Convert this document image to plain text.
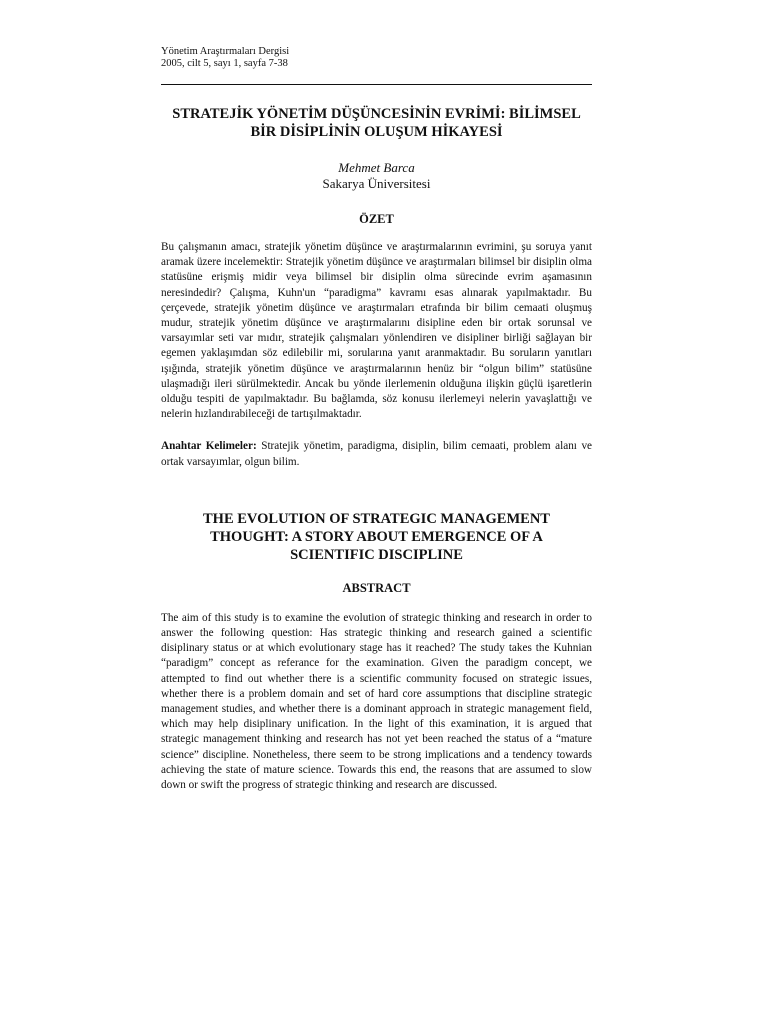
Yönetim Araştırmaları Dergisi
2005, cilt 5, sayı 1, sayfa 7-38
STRATEJİK YÖNETİM DÜŞÜNCESİNİN EVRİMİ: BİLİMSEL
BİR DİSİPLİNİN OLUŞUM HİKAYESİ
Mehmet Barca
Sakarya Üniversitesi
ÖZET
Bu çalışmanın amacı, stratejik yönetim düşünce ve araştırmalarının evrimini, şu soruya yanıt aramak üzere incelemektir: Stratejik yönetim düşünce ve araştırmaları bilimsel bir disiplin olma statüsüne erişmiş midir veya bilimsel bir disiplin olma sürecinde evrim aşamasının neresindedir? Çalışma, Kuhn'un “paradigma” kavramı esas alınarak yapılmaktadır. Bu çerçevede, stratejik yönetim düşünce ve araştırmaları etrafında bir bilim cemaati oluşmuş mudur, stratejik yönetim düşünce ve araştırmalarını disipline eden bir ortak sorunsal ve varsayımlar seti var mıdır, stratejik çalışmaları yönlendiren ve disipliner birliği sağlayan bir egemen yaklaşımdan söz edilebilir mi, sorularına yanıt aranmaktadır. Bu soruların yanıtları ışığında, stratejik yönetim düşünce ve araştırmalarının henüz bir “olgun bilim” statüsüne ulaşmadığı ileri sürülmektedir. Ancak bu yönde ilerlemenin olduğuna ilişkin güçlü işaretlerin olduğu tespiti de yapılmaktadır. Bu bağlamda, söz konusu ilerlemeyi nelerin yavaşlattığı ve nelerin hızlandırabileceği de tartışılmaktadır.
Anahtar Kelimeler: Stratejik yönetim, paradigma, disiplin, bilim cemaati, problem alanı ve ortak varsayımlar, olgun bilim.
THE EVOLUTION OF STRATEGIC MANAGEMENT
THOUGHT: A STORY ABOUT EMERGENCE OF A
SCIENTIFIC DISCIPLINE
ABSTRACT
The aim of this study is to examine the evolution of strategic thinking and research in order to answer the following question: Has strategic thinking and research gained a scientific disiplinary status or at which evolutionary stage has it reached? The study takes the Kuhnian “paradigm” concept as referance for the examination. Given the paradigm concept, we attempted to find out whether there is a scientific community focused on strategic issues, whether there is a problem domain and set of hard core assumptions that discipline strategic management studies, and whether there is a dominant approach in strategic management field, which may help disiplinary unification. In the light of this examination, it is argued that strategic management thinking and research has not yet been reached the status of a “mature science” discipline. Nonetheless, there seem to be strong implications and a tendency towards achieving the state of mature science. Towards this end, the reasons that are assumed to slow down or swift the progress of strategic thinking and research are discussed.
